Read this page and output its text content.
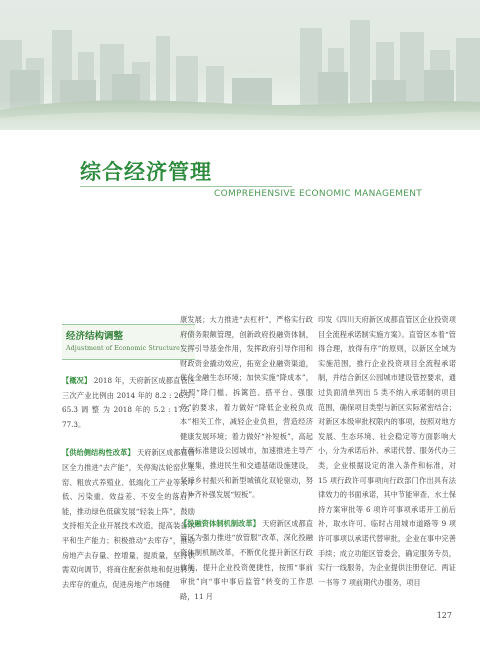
综合经济管理
COMPREHENSIVE ECONOMIC MANAGEMENT
经济结构调整
Adjustment of Economic Structure

【概况】 2018 年，天府新区成都直管区三次产业比例由 2014 年的 8.2 : 26.5 : 65.3 调 整 为 2018 年的 5.2 : 17.5 : 77.3。

【供给侧结构性改革】 天府新区成都直管区全力推进“去产能”，关停淘汰轮窑、土窑、粗放式养殖业、低端化工产业等水平低、污染重、效益差、不安全的落后产能，推动绿色低碳发展“轻装上阵”，鼓励支持相关企业开展技术改造，提高装备水平和生产能力；积极推动“去库存”，推动房地产去存量、控增量、提质量，坚持供需双向调节，将商住配套供地和促进转为去库存的重点，促进房地产市场健

康发展；大力推进“去杠杆”，严格实行政府债务限额管理，创新政府投融资体制，发挥引导基金作用，发挥政府引导作用和财政资金撬动效应，拓宽企业融资渠道，优化金融生态环境；加快实施“降成本”，按照“降门槛、拆篱笆、搭平台、强服务”的要求，着力做好“降低企业税负成本”相关工作，减轻企业负担，营造经济健康发展环境；着力做好“补短板”，高起点高标准建设公园城市，加速推进主导产业聚集，推进民生和交通基础设施建设，坚持乡村振兴和新型城镇化双轮驱动，努力补齐补强发展“短板”。

【投融资体制机制改革】 天府新区成都直管区为强力推进“放管服”改革，深化投融资体制机制改革，不断优化提升新区行政效能，提升企业投资便捷性，按照“事前审批”向“事中事后监管”转变的工作思路，11 月

印发《四川天府新区成都直管区企业投资项目全流程承诺制实施方案》。直管区本着“管得合理，放得有序”的原则，以新区全域为实施范围，推行企业投资项目全流程承诺制，并结合新区公园城市建设管控要求，通过负面清单列出 5 类不纳入承诺制的项目范围，确保项目类型与新区实际紧密结合；对新区本级审批权限内的事项，按照对地方发展、生态环境、社会稳定等方面影响大小，分为承诺后补、承诺代替、服务代办三类，企业根据设定的准入条件和标准，对 15 项行政许可事项向行政部门作出具有法律效力的书面承诺，其中节能审查、水土保持方案审批等 6 项许可事项承诺开工前后补，取水许可、临时占用城市道路等 9 项许可事项以承诺代替审批，企业在事中完善手续；成立功能区管委会，确定服务专员，实行一线服务，为企业提供注册登记、两证一书等 7 项前期代办服务，项目

127
